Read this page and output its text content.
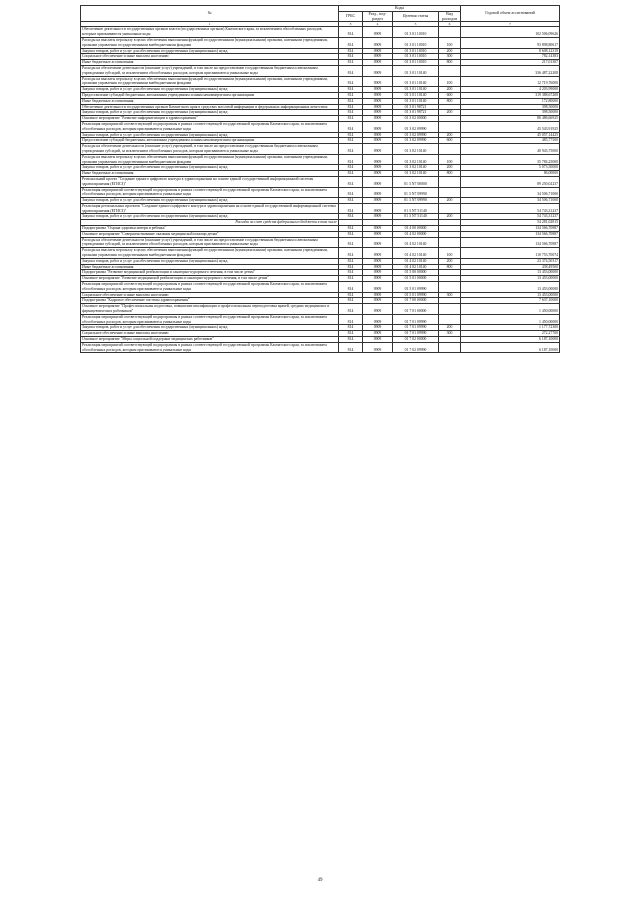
№	Коды				Годовой объем ассигнований
	ГРБС	Разд., под-раздел	Целевая статья	Вид расходов	
1	3	4	5	6	7
Обеспечение деятельности государственных органов власти (государственных органов) Камчатского края, за исключением обособленных расходов, которым присваиваются уникальные коды	814	0909	01 3 01 10010		102 506,09626
Расходы на выплаты персоналу в целях обеспечения выполнения функций государственными (муниципальными) органами, казенными учреждениями, органами управления государственными внебюджетными фондами	814	0909	01 3 01 10010	100	93 898,80617
Закупка товаров, работ и услуг для обеспечения государственных (муниципальных) нужд	814	0909	01 3 01 10010	200	8 608,12319
Социальное обеспечение и иные выплаты населению	814	0909	01 3 01 10010	300	782,14383
Иные бюджетные ассигнования	814	0909	01 3 01 10010	800	217,01307
Расходы на обеспечение деятельности (оказание услуг) учреждений, в том числе на предоставление государственным бюджетным и автономным учреждениям субсидий, за исключением обособленных расходов, которым присваиваются уникальные коды	814	0909	01 3 01 10140		336 487,22208
Расходы на выплаты персоналу в целях обеспечения выполнения функций государственными (муниципальными) органами, казенными учреждениями, органами управления государственными внебюджетными фондами	814	0909	01 3 01 10140	100	12 719,76000
Закупка товаров, работ и услуг для обеспечения государственных (муниципальных) нужд	814	0909	01 3 01 10140	200	4 203,99000
Предоставление субсидий бюджетным, автономным учреждениям и иным некоммерческим организациям	814	0909	01 3 01 10140	600	319 388,67208
Иные бюджетные ассигнования	814	0909	01 3 01 10140	800	172,80000
Обеспечение деятельности государственных органов Камчатского края в средствах массовой информации и федеральных информационных агентствах	814	0909	01 3 01 98721		398,50000
Закупка товаров, работ и услуг для обеспечения государственных (муниципальных) нужд	814	0909	01 3 01 98721	200	398,50000
Основное мероприятие "Развитие информатизации в здравоохранении"	814	0909	01 3 02 00000		86 486,66925
Реализация мероприятий соответствующей подпрограммы в рамках соответствующей государственной программы Камчатского края, за исключением обособленных расходов, которым присваиваются уникальные коды	814	0909	01 3 02 09990		45 543,91925
Закупка товаров, работ и услуг для обеспечения государственных (муниципальных) нужд	814	0909	01 3 02 09990	200	45 057,14425
Предоставление субсидий бюджетным, автономным учреждениям и иным некоммерческим организациям	814	0909	01 3 02 09990	600	485,77500
Расходы на обеспечение деятельности (оказание услуг) учреждений, в том числе на предоставление государственным бюджетным и автономным учреждениям субсидий, за исключением обособленных расходов, которым присваиваются уникальные коды	814	0909	01 3 02 10140		40 943,75000
Расходы на выплаты персоналу в целях обеспечения выполнения функций государственными (муниципальными) органами, казенными учреждениями, органами управления государственными внебюджетными фондами	814	0909	01 3 02 10140	100	35 784,25000
Закупка товаров, работ и услуг для обеспечения государственных (муниципальных) нужд	814	0909	01 3 02 10140	200	5 073,50000
Иные бюджетные ассигнования	814	0909	01 3 02 10140	800	86,00000
Региональный проект "Создание единого цифрового контура в здравоохранении на основе единой государственной информационной системы здравоохранения (ЕГИСЗ)"	814	0909	01 3 N7 00000		89 250,02237
Реализация мероприятий соответствующей подпрограммы в рамках соответствующей государственной программы Камчатского края, за исключением обособленных расходов, которым присваиваются уникальные коды	814	0909	01 3 N7 09990		34 506,71000
Закупка товаров, работ и услуг для обеспечения государственных (муниципальных) нужд	814	0909	01 3 N7 09990	200	34 506,71000
Реализация региональных проектов "Создание единого цифрового контура в здравоохранении на основе единой государственной информационной системы здравоохранения (ЕГИСЗ)"	814	0909	01 3 N7 51140		54 743,31237
Закупка товаров, работ и услуг для обеспечения государственных (муниципальных) нужд	814	0909	01 3 N7 51140	200	54 743,31237
Расходы за счет средств федерального бюджета в том числе					54 281,02815
Подпрограмма "Охрана здоровья матери и ребенка"	814	0909	01 4 00 00000		134 566,70887
Основное мероприятие "Совершенствование оказания медицинской помощи детям"	814	0909	01 4 02 00000		134 566,70887
Расходы на обеспечение деятельности (оказание услуг) учреждений, в том числе на предоставление государственным бюджетным и автономным учреждениям субсидий, за исключением обособленных расходов, которым присваиваются уникальные коды	814	0909	01 4 02 10140		134 566,70887
Расходы на выплаты персоналу в целях обеспечения выполнения функций государственными (муниципальными) органами, казенными учреждениями, органами управления государственными внебюджетными фондами	814	0909	01 4 02 10140	100	110 753,70074
Закупка товаров, работ и услуг для обеспечения государственных (муниципальных) нужд	814	0909	01 4 02 10140	200	23 374,50317
Иные бюджетные ассигнования	814	0909	01 4 02 10140	800	438,49500
Подпрограмма "Развитие медицинской реабилитации и санаторно-курортного лечения, в том числе детям"	814	0909	01 5 00 00000		13 453,00000
Основное мероприятие "Развитие медицинской реабилитации и санаторно-курортного лечения, в том числе детям"	814	0909	01 5 01 00000		13 453,00000
Реализация мероприятий соответствующей подпрограммы в рамках соответствующей государственной программы Камчатского края, за исключением обособленных расходов, которым присваиваются уникальные коды	814	0909	01 5 01 09990		13 453,00000
Социальное обеспечение и иные выплаты населению	814	0909	01 5 01 09990	300	13 453,00000
Подпрограмма "Кадровое обеспечение системы здравоохранения"	814	0909	01 7 00 00000		7 637,10000
Основное мероприятие "Профессиональная подготовка, повышение квалификации и профессиональная переподготовка врачей, средних медицинских и фармацевтических работников"	814	0909	01 7 01 00000		1 450,00000
Реализация мероприятий соответствующей подпрограммы в рамках соответствующей государственной программы Камчатского края, за исключением обособленных расходов, которым присваиваются уникальные коды	814	0909	01 7 01 09990		1 450,00000
Закупка товаров, работ и услуг для обеспечения государственных (муниципальных) нужд	814	0909	01 7 01 09990	200	1 177,72300
Социальное обеспечение и иные выплаты населению	814	0909	01 7 01 09990	300	272,27700
Основное мероприятие "Меры социальной поддержки медицинских работников"	814	0909	01 7 02 00000		6 187,10000
Реализация мероприятий соответствующей подпрограммы в рамках соответствующей государственной программы Камчатского края, за исключением обособленных расходов, которым присваиваются уникальные коды	814	0909	01 7 02 09990		6 187,10000
49
